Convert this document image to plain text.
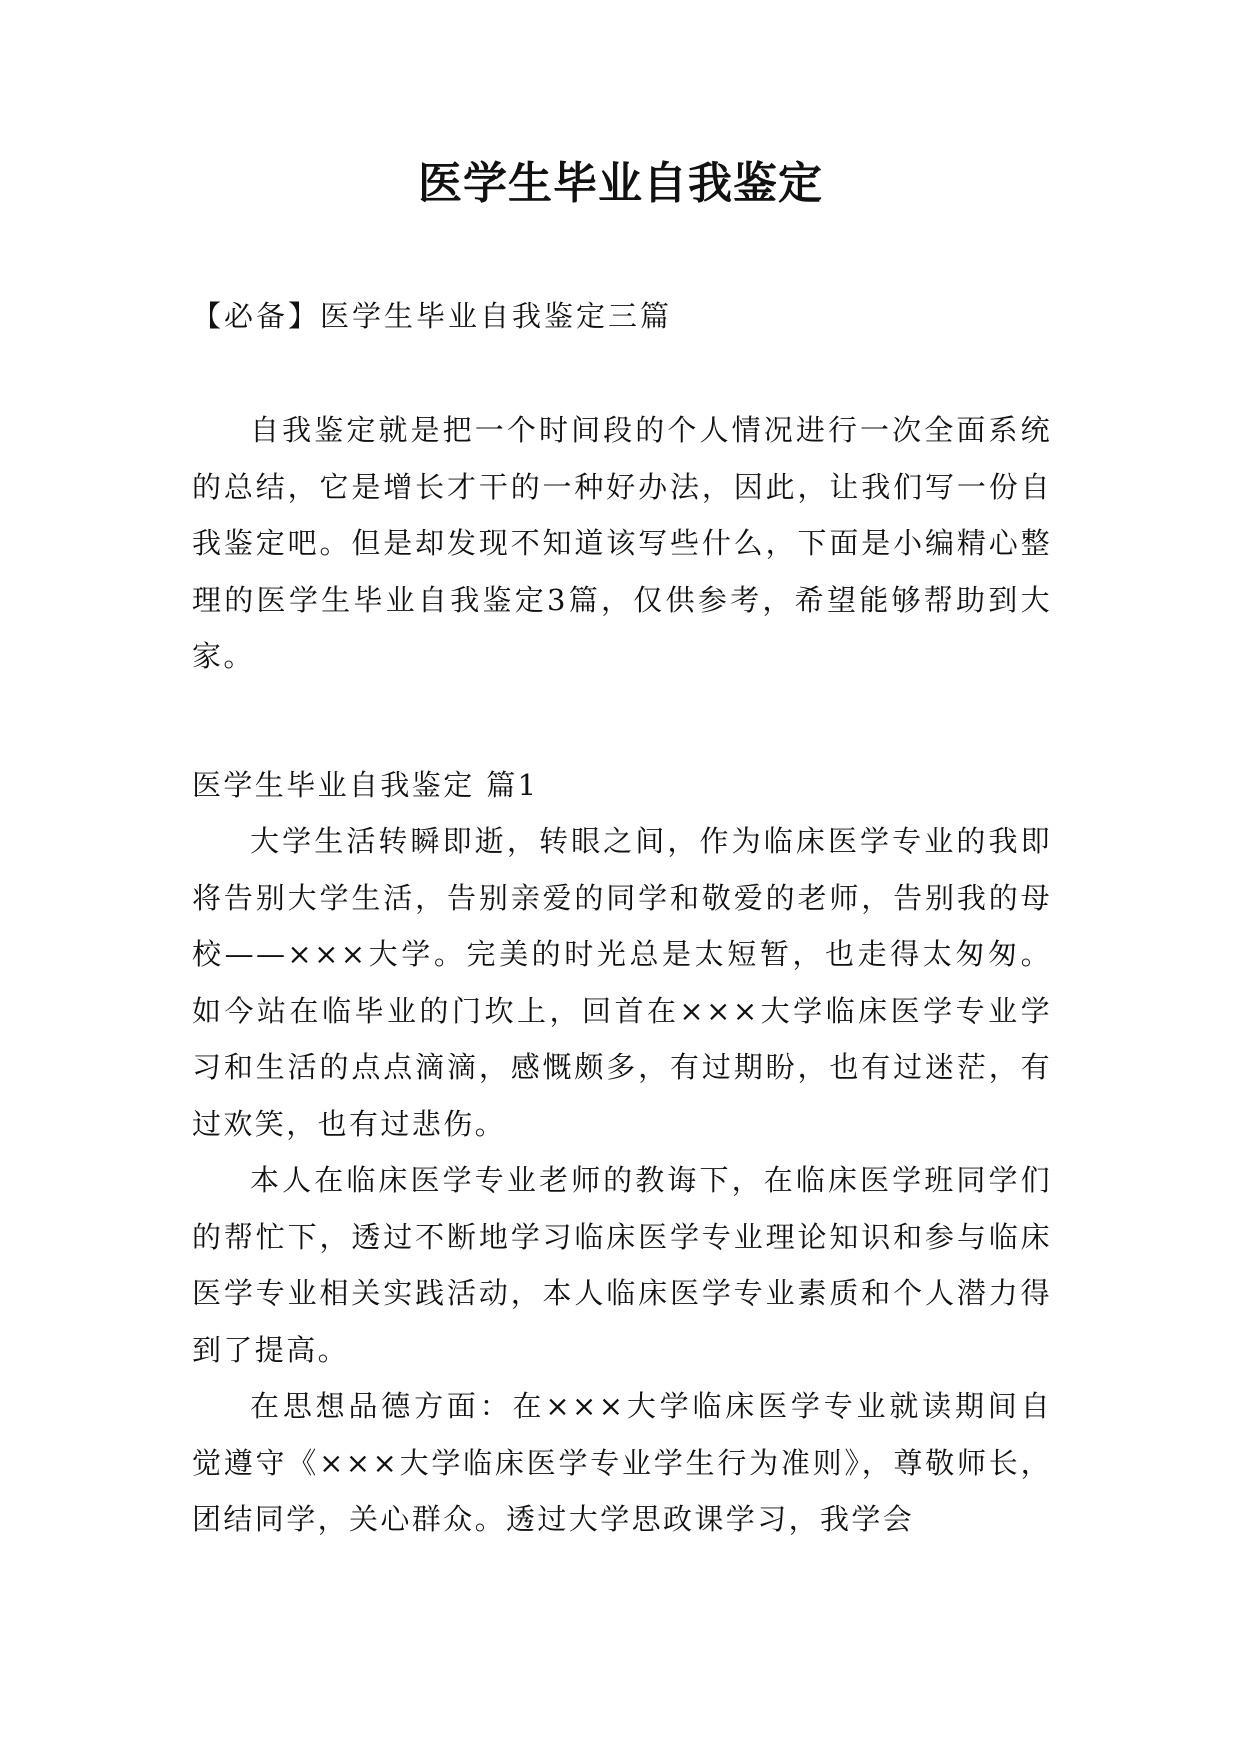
医学生毕业自我鉴定
【必备】医学生毕业自我鉴定三篇

自我鉴定就是把一个时间段的个人情况进行一次全面系统的总结，它是增长才干的一种好办法，因此，让我们写一份自我鉴定吧。但是却发现不知道该写些什么，下面是小编精心整理的医学生毕业自我鉴定3篇，仅供参考，希望能够帮助到大家。

医学生毕业自我鉴定 篇1

大学生活转瞬即逝，转眼之间，作为临床医学专业的我即将告别大学生活，告别亲爱的同学和敬爱的老师，告别我的母校——×××大学。完美的时光总是太短暂，也走得太匆匆。如今站在临毕业的门坎上，回首在×××大学临床医学专业学习和生活的点点滴滴，感慨颇多，有过期盼，也有过迷茫，有过欢笑，也有过悲伤。

本人在临床医学专业老师的教诲下，在临床医学班同学们的帮忙下，透过不断地学习临床医学专业理论知识和参与临床医学专业相关实践活动，本人临床医学专业素质和个人潜力得到了提高。

在思想品德方面：在×××大学临床医学专业就读期间自觉遵守《×××大学临床医学专业学生行为准则》，尊敬师长，团结同学，关心群众。透过大学思政课学习，我学会
